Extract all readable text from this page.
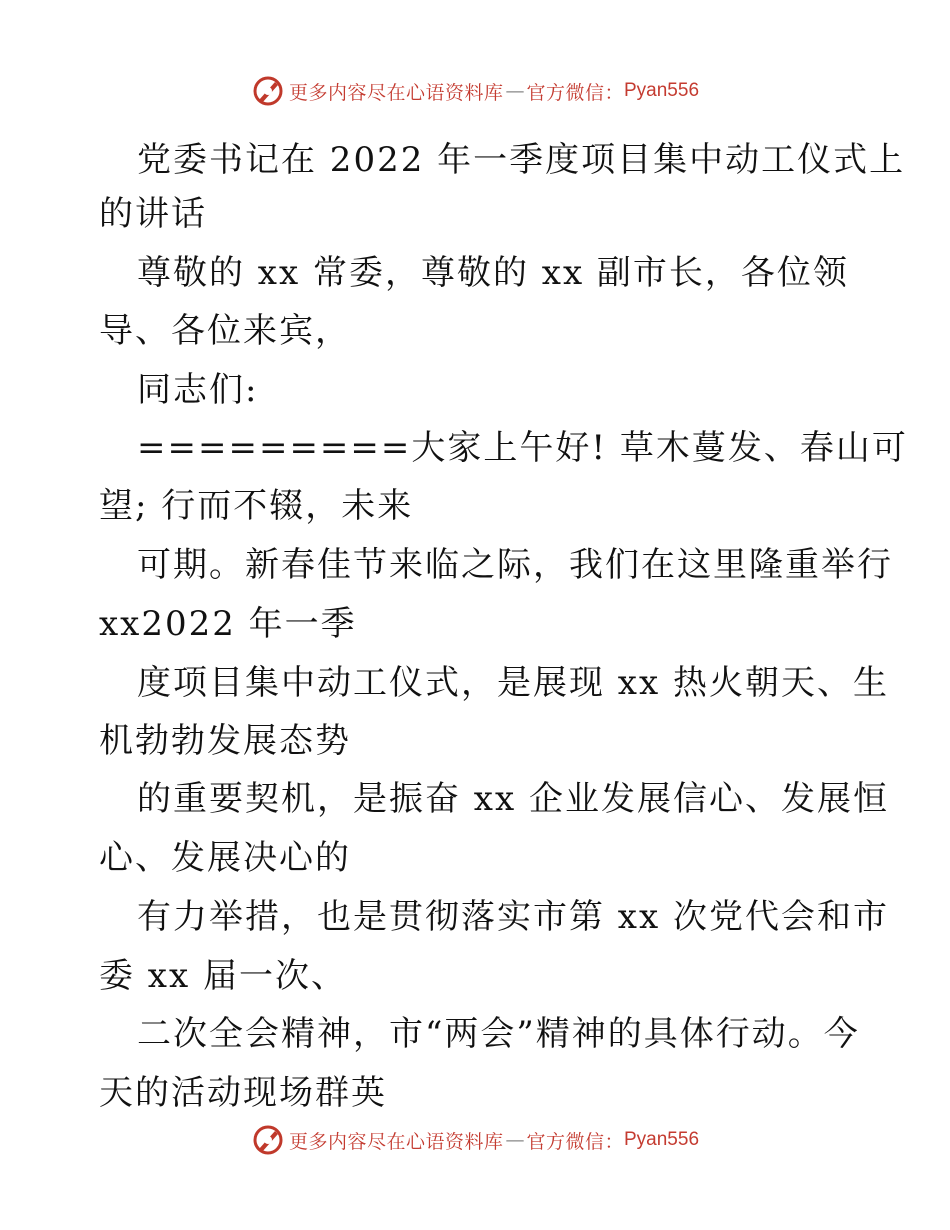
更多内容尽在心语资料库 — 官方微信： Pyan556
党委书记在 2022 年一季度项目集中动工仪式上
的讲话
尊敬的 xx 常委，尊敬的 xx 副市长，各位领
导、各位来宾，
同志们:
=========大家上午好! 草木蔓发、春山可
望; 行而不辍，未来
可期。新春佳节来临之际，我们在这里隆重举行
xx2022 年一季
度项目集中动工仪式，是展现 xx 热火朝天、生
机勃勃发展态势
的重要契机，是振奋 xx 企业发展信心、发展恒
心、发展决心的
有力举措，也是贯彻落实市第 xx 次党代会和市
委 xx 届一次、
二次全会精神，市“两会”精神的具体行动。今
天的活动现场群英
更多内容尽在心语资料库 — 官方微信： Pyan556
